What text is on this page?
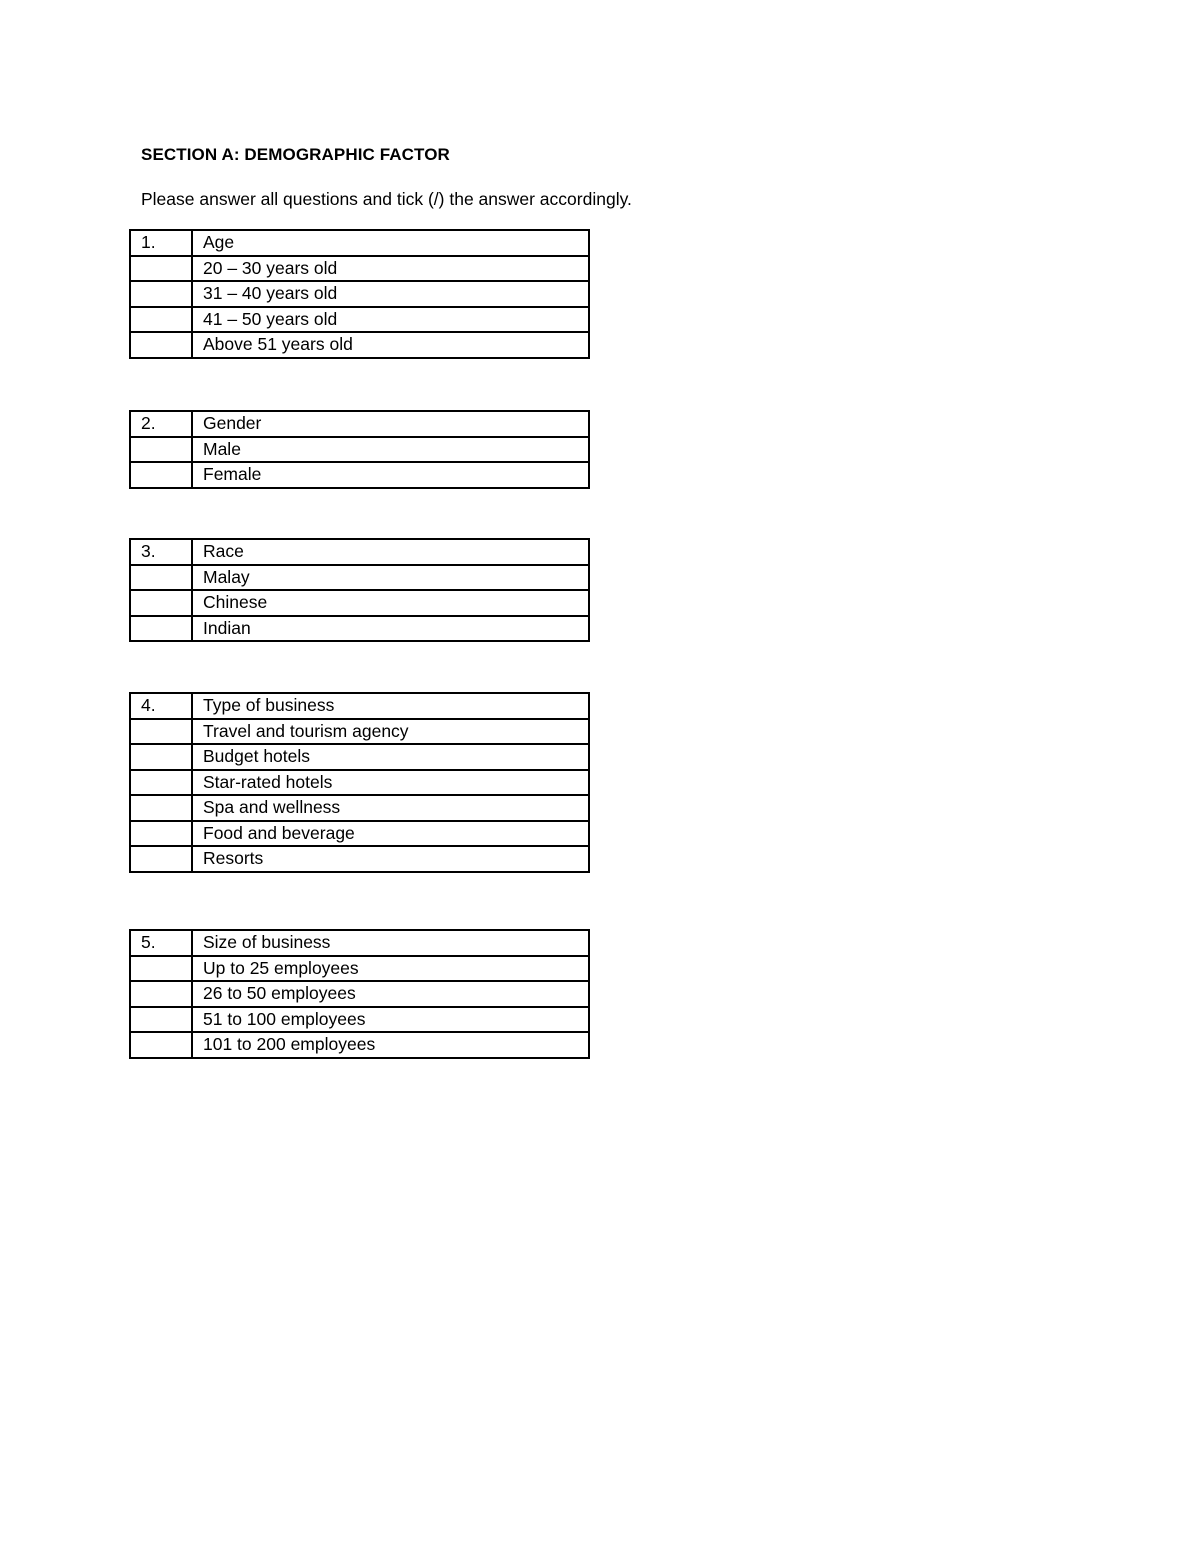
SECTION A: DEMOGRAPHIC FACTOR
Please answer all questions and tick (/) the answer accordingly.
1.	Age
	20 – 30 years old
	31 – 40 years old
	41 – 50 years old
	Above 51 years old
2.	Gender
	Male
	Female
3.	Race
	Malay
	Chinese
	Indian
4.	Type of business
	Travel and tourism agency
	Budget hotels
	Star-rated hotels
	Spa and wellness
	Food and beverage
	Resorts
5.	Size of business
	Up to 25 employees
	26 to 50 employees
	51 to 100 employees
	101 to 200 employees
